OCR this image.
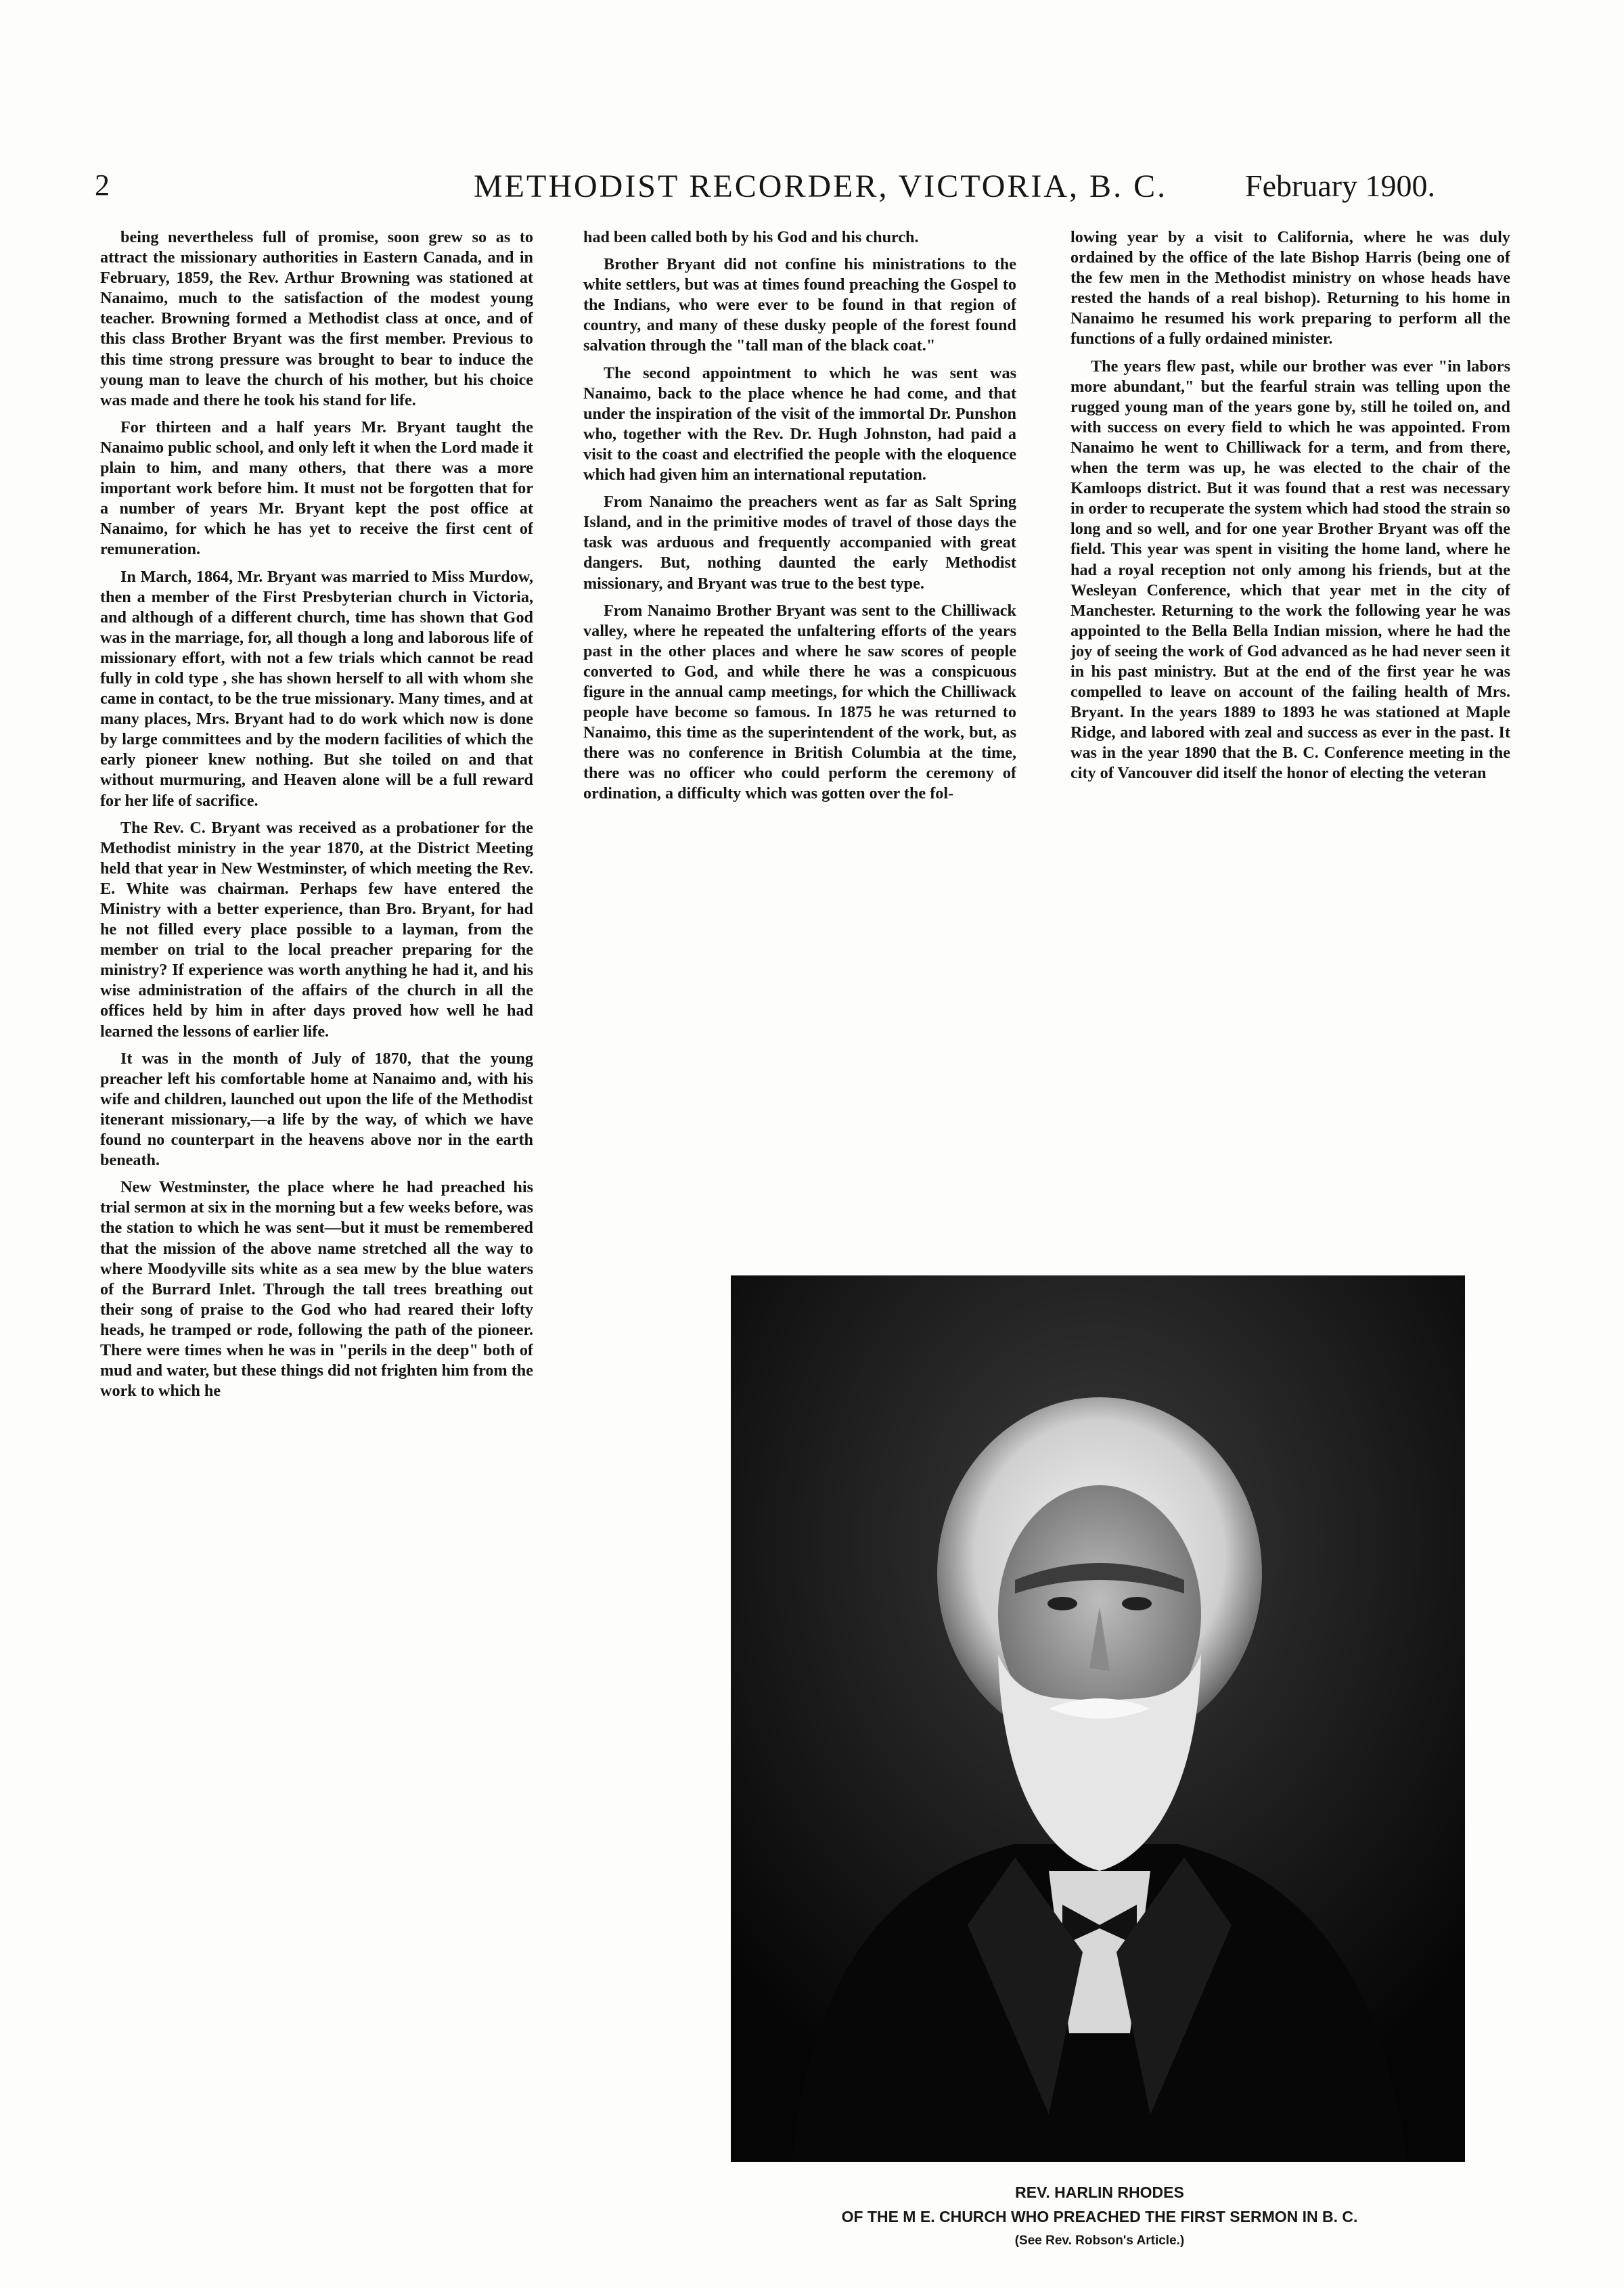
2	METHODIST RECORDER, VICTORIA, B. C. February 1900.

being nevertheless full of promise, soon grew so as to attract the missionary authorities in Eastern Canada, and in February, 1859, the Rev. Arthur Browning was stationed at Nanaimo, much to the satisfaction of the modest young teacher. Browning formed a Methodist class at once, and of this class Brother Bryant was the first member. Previous to this time strong pressure was brought to bear to induce the young man to leave the church of his mother, but his choice was made and there he took his stand for life.

For thirteen and a half years Mr. Bryant taught the Nanaimo public school, and only left it when the Lord made it plain to him, and many others, that there was a more important work before him. It must not be forgotten that for a number of years Mr. Bryant kept the post office at Nanaimo, for which he has yet to receive the first cent of remuneration.

In March, 1864, Mr. Bryant was married to Miss Murdow, then a member of the First Presbyterian church in Victoria, and although of a different church, time has shown that God was in the marriage, for, all though a long and laborous life of missionary effort, with not a few trials which cannot be read fully in cold type , she has shown herself to all with whom she came in contact, to be the true missionary. Many times, and at many places, Mrs. Bryant had to do work which now is done by large committees and by the modern facilities of which the early pioneer knew nothing. But she toiled on and that without murmuring, and Heaven alone will be a full reward for her life of sacrifice.

The Rev. C. Bryant was received as a probationer for the Methodist ministry in the year 1870, at the District Meeting held that year in New Westminster, of which meeting the Rev. E. White was chairman. Perhaps few have entered the Ministry with a better experience, than Bro. Bryant, for had he not filled every place possible to a layman, from the member on trial to the local preacher preparing for the ministry? If experience was worth anything he had it, and his wise administration of the affairs of the church in all the offices held by him in after days proved how well he had learned the lessons of earlier life.

It was in the month of July of 1870, that the young preacher left his comfortable home at Nanaimo and, with his wife and children, launched out upon the life of the Methodist itenerant missionary,—a life by the way, of which we have found no counterpart in the heavens above nor in the earth beneath.

New Westminster, the place where he had preached his trial sermon at six in the morning but a few weeks before, was the station to which he was sent—but it must be remembered that the mission of the above name stretched all the way to where Moodyville sits white as a sea mew by the blue waters of the Burrard Inlet. Through the tall trees breathing out their song of praise to the God who had reared their lofty heads, he tramped or rode, following the path of the pioneer. There were times when he was in "perils in the deep" both of mud and water, but these things did not frighten him from the work to which he

had been called both by his God and his church.

Brother Bryant did not confine his ministrations to the white settlers, but was at times found preaching the Gospel to the Indians, who were ever to be found in that region of country, and many of these dusky people of the forest found salvation through the "tall man of the black coat."

The second appointment to which he was sent was Nanaimo, back to the place whence he had come, and that under the inspiration of the visit of the immortal Dr. Punshon who, together with the Rev. Dr. Hugh Johnston, had paid a visit to the coast and electrified the people with the eloquence which had given him an international reputation.

From Nanaimo the preachers went as far as Salt Spring Island, and in the primitive modes of travel of those days the task was arduous and frequently accompanied with great dangers. But, nothing daunted the early Methodist missionary, and Bryant was true to the best type.

From Nanaimo Brother Bryant was sent to the Chilliwack valley, where he repeated the unfaltering efforts of the years past in the other places and where he saw scores of people converted to God, and while there he was a conspicuous figure in the annual camp meetings, for which the Chilliwack people have become so famous. In 1875 he was returned to Nanaimo, this time as the superintendent of the work, but, as there was no conference in British Columbia at the time, there was no officer who could perform the ceremony of ordination, a difficulty which was gotten over the fol-

lowing year by a visit to California, where he was duly ordained by the office of the late Bishop Harris (being one of the few men in the Methodist ministry on whose heads have rested the hands of a real bishop). Returning to his home in Nanaimo he resumed his work preparing to perform all the functions of a fully ordained minister.

The years flew past, while our brother was ever "in labors more abundant," but the fearful strain was telling upon the rugged young man of the years gone by, still he toiled on, and with success on every field to which he was appointed. From Nanaimo he went to Chilliwack for a term, and from there, when the term was up, he was elected to the chair of the Kamloops district. But it was found that a rest was necessary in order to recuperate the system which had stood the strain so long and so well, and for one year Brother Bryant was off the field. This year was spent in visiting the home land, where he had a royal reception not only among his friends, but at the Wesleyan Conference, which that year met in the city of Manchester. Returning to the work the following year he was appointed to the Bella Bella Indian mission, where he had the joy of seeing the work of God advanced as he had never seen it in his past ministry. But at the end of the first year he was compelled to leave on account of the failing health of Mrs. Bryant. In the years 1889 to 1893 he was stationed at Maple Ridge, and labored with zeal and success as ever in the past. It was in the year 1890 that the B. C. Conference meeting in the city of Vancouver did itself the honor of electing the veteran

REV. HARLIN RHODES
OF THE M E. CHURCH WHO PREACHED THE FIRST SERMON IN B. C.
(See Rev. Robson's Article.)
